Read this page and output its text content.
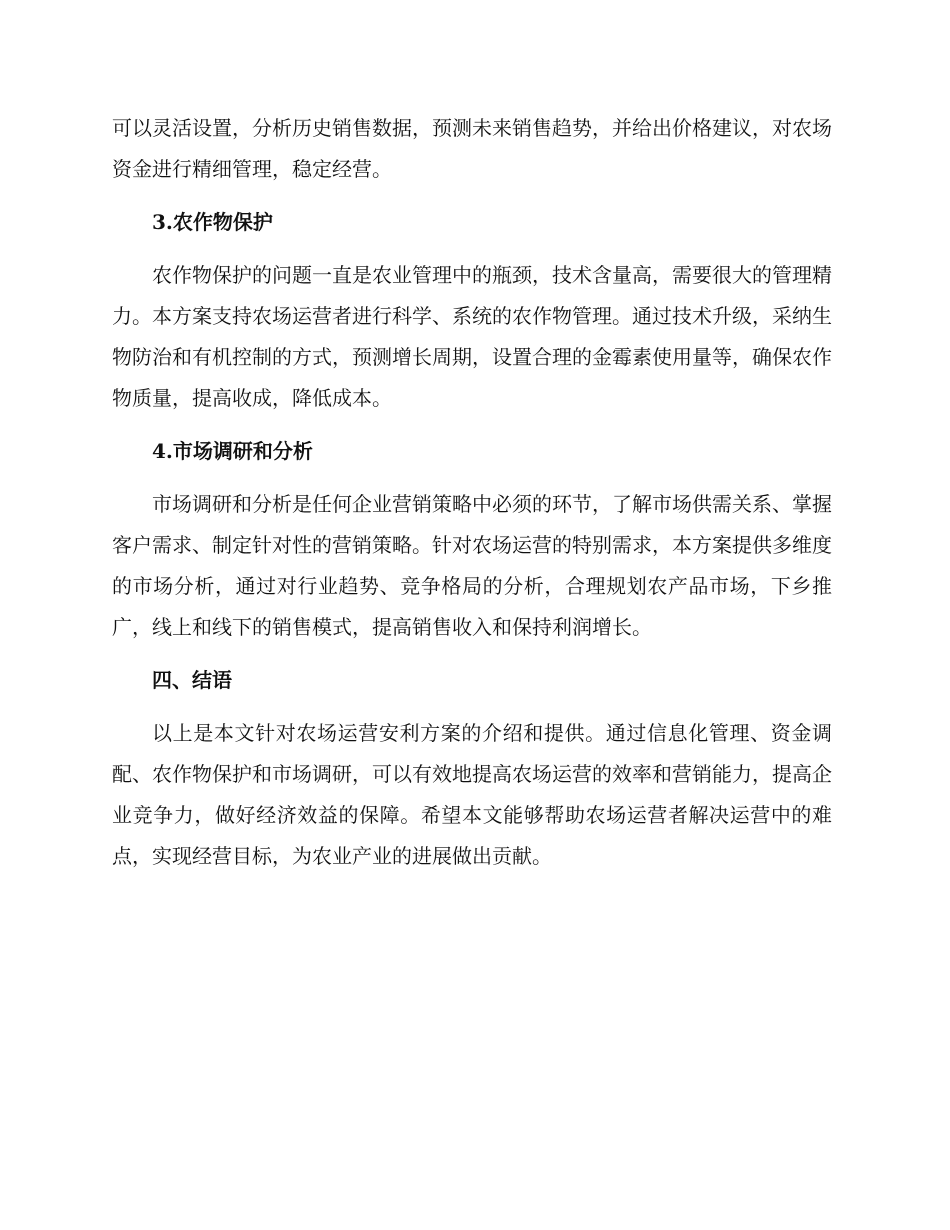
可以灵活设置，分析历史销售数据，预测未来销售趋势，并给出价格建议，对农场资金进行精细管理，稳定经营。

3.农作物保护

农作物保护的问题一直是农业管理中的瓶颈，技术含量高，需要很大的管理精力。本方案支持农场运营者进行科学、系统的农作物管理。通过技术升级，采纳生物防治和有机控制的方式，预测增长周期，设置合理的金霉素使用量等，确保农作物质量，提高收成，降低成本。

4.市场调研和分析

市场调研和分析是任何企业营销策略中必须的环节，了解市场供需关系、掌握客户需求、制定针对性的营销策略。针对农场运营的特别需求，本方案提供多维度的市场分析，通过对行业趋势、竞争格局的分析，合理规划农产品市场，下乡推广，线上和线下的销售模式，提高销售收入和保持利润增长。

四、结语

以上是本文针对农场运营安利方案的介绍和提供。通过信息化管理、资金调配、农作物保护和市场调研，可以有效地提高农场运营的效率和营销能力，提高企业竞争力，做好经济效益的保障。希望本文能够帮助农场运营者解决运营中的难点，实现经营目标，为农业产业的进展做出贡献。
